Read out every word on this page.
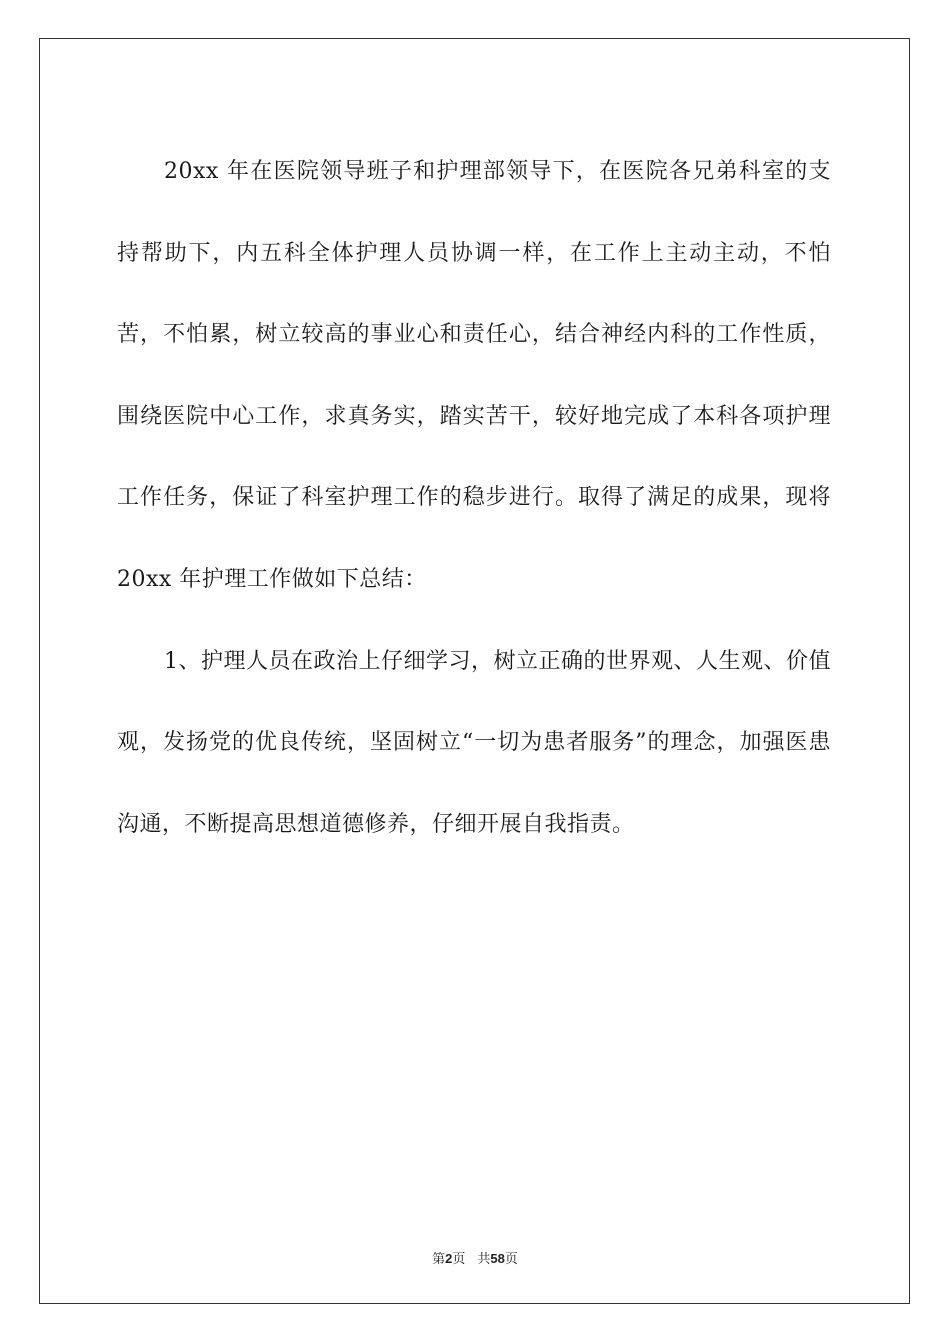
20xx 年在医院领导班子和护理部领导下，在医院各兄弟科室的支持帮助下，内五科全体护理人员协调一样，在工作上主动主动，不怕苦，不怕累，树立较高的事业心和责任心，结合神经内科的工作性质，围绕医院中心工作，求真务实，踏实苦干，较好地完成了本科各项护理工作任务，保证了科室护理工作的稳步进行。取得了满足的成果，现将 20xx 年护理工作做如下总结：

1、护理人员在政治上仔细学习，树立正确的世界观、人生观、价值观，发扬党的优良传统，坚固树立“一切为患者服务”的理念，加强医患沟通，不断提高思想道德修养，仔细开展自我指责。

第2页 共58页
